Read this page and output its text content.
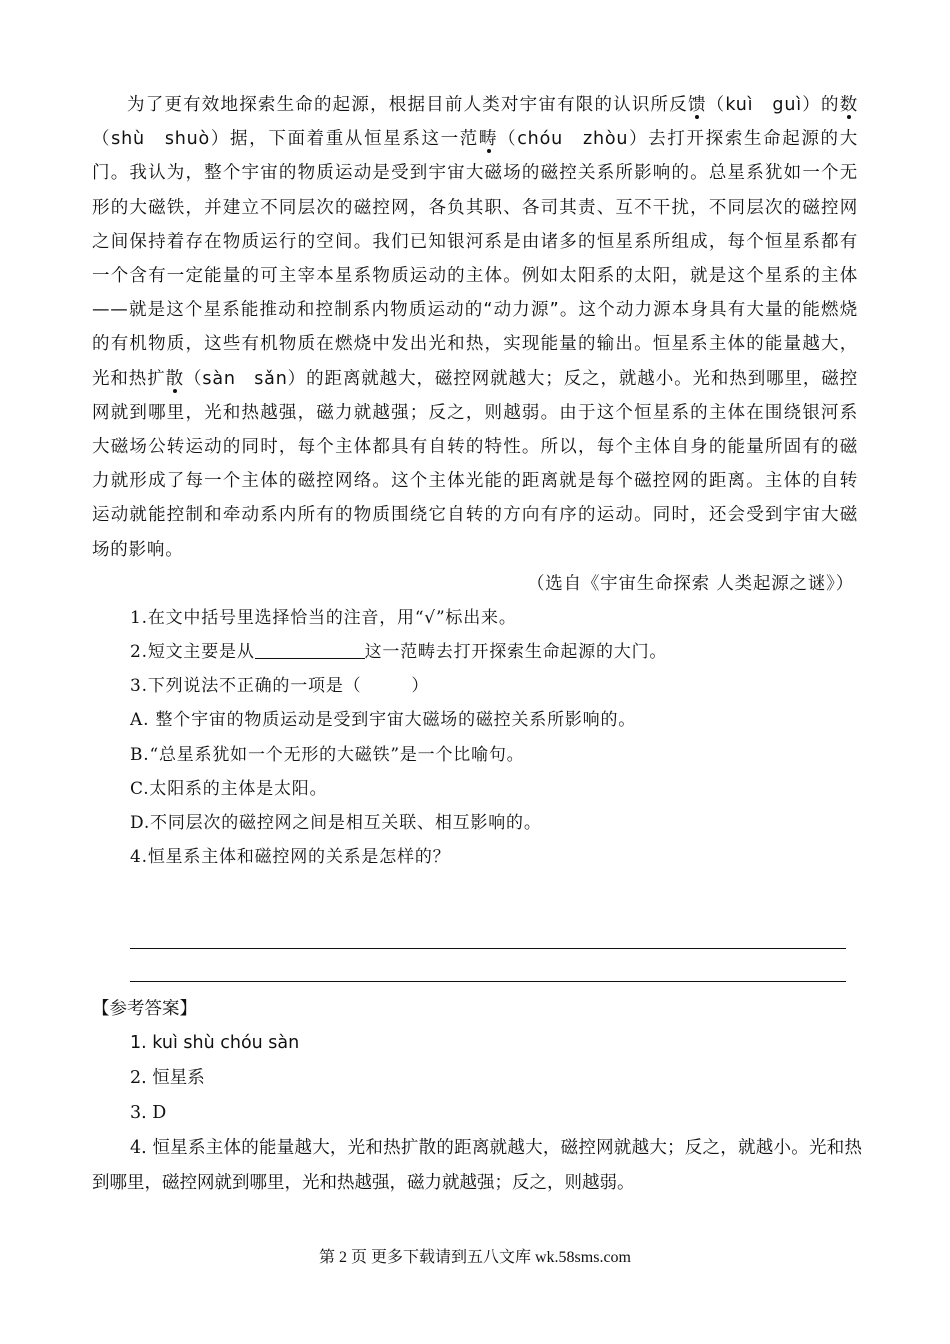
为了更有效地探索生命的起源，根据目前人类对宇宙有限的认识所反馈（kuì　guì）的数（shù　shuò）据，下面着重从恒星系这一范畴（chóu　zhòu）去打开探索生命起源的大门。我认为，整个宇宙的物质运动是受到宇宙大磁场的磁控关系所影响的。总星系犹如一个无形的大磁铁，并建立不同层次的磁控网，各负其职、各司其责、互不干扰，不同层次的磁控网之间保持着存在物质运行的空间。我们已知银河系是由诸多的恒星系所组成，每个恒星系都有一个含有一定能量的可主宰本星系物质运动的主体。例如太阳系的太阳，就是这个星系的主体——就是这个星系能推动和控制系内物质运动的“动力源”。这个动力源本身具有大量的能燃烧的有机物质，这些有机物质在燃烧中发出光和热，实现能量的输出。恒星系主体的能量越大，光和热扩散（sàn　sǎn）的距离就越大，磁控网就越大；反之，就越小。光和热到哪里，磁控网就到哪里，光和热越强，磁力就越强；反之，则越弱。由于这个恒星系的主体在围绕银河系大磁场公转运动的同时，每个主体都具有自转的特性。所以，每个主体自身的能量所固有的磁力就形成了每一个主体的磁控网络。这个主体光能的距离就是每个磁控网的距离。主体的自转运动就能控制和牵动系内所有的物质围绕它自转的方向有序的运动。同时，还会受到宇宙大磁场的影响。

（选自《宇宙生命探索 人类起源之谜》）

1.在文中括号里选择恰当的注音，用“√”标出来。

2.短文主要是从	这一范畴去打开探索生命起源的大门。

3.下列说法不正确的一项是（	）

A. 整个宇宙的物质运动是受到宇宙大磁场的磁控关系所影响的。

B.“总星系犹如一个无形的大磁铁”是一个比喻句。

C.太阳系的主体是太阳。

D.不同层次的磁控网之间是相互关联、相互影响的。

4.恒星系主体和磁控网的关系是怎样的？

【参考答案】

1. kuì shù chóu sàn

2. 恒星系

3. D

4. 恒星系主体的能量越大，光和热扩散的距离就越大，磁控网就越大；反之，就越小。光和热到哪里，磁控网就到哪里，光和热越强，磁力就越强；反之，则越弱。

第 2 页 更多下载请到五八文库 wk.58sms.com
